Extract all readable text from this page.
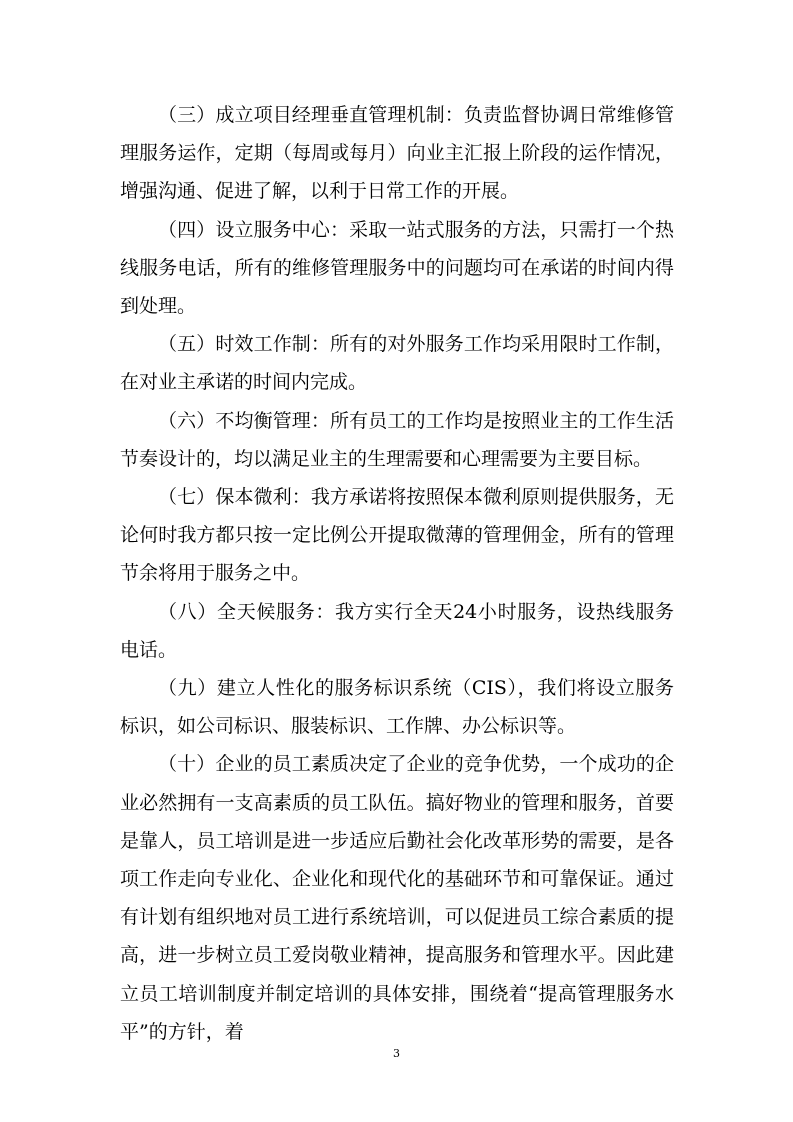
（三）成立项目经理垂直管理机制：负责监督协调日常维修管理服务运作，定期（每周或每月）向业主汇报上阶段的运作情况，增强沟通、促进了解，以利于日常工作的开展。

（四）设立服务中心：采取一站式服务的方法，只需打一个热线服务电话，所有的维修管理服务中的问题均可在承诺的时间内得到处理。

（五）时效工作制：所有的对外服务工作均采用限时工作制，在对业主承诺的时间内完成。

（六）不均衡管理：所有员工的工作均是按照业主的工作生活节奏设计的，均以满足业主的生理需要和心理需要为主要目标。

（七）保本微利：我方承诺将按照保本微利原则提供服务，无论何时我方都只按一定比例公开提取微薄的管理佣金，所有的管理节余将用于服务之中。

（八）全天候服务：我方实行全天24小时服务，设热线服务电话。

（九）建立人性化的服务标识系统（CIS），我们将设立服务标识，如公司标识、服装标识、工作牌、办公标识等。

（十）企业的员工素质决定了企业的竞争优势，一个成功的企业必然拥有一支高素质的员工队伍。搞好物业的管理和服务，首要是靠人，员工培训是进一步适应后勤社会化改革形势的需要，是各项工作走向专业化、企业化和现代化的基础环节和可靠保证。通过有计划有组织地对员工进行系统培训，可以促进员工综合素质的提高，进一步树立员工爱岗敬业精神，提高服务和管理水平。因此建立员工培训制度并制定培训的具体安排，围绕着“提高管理服务水平”的方针，着

3
